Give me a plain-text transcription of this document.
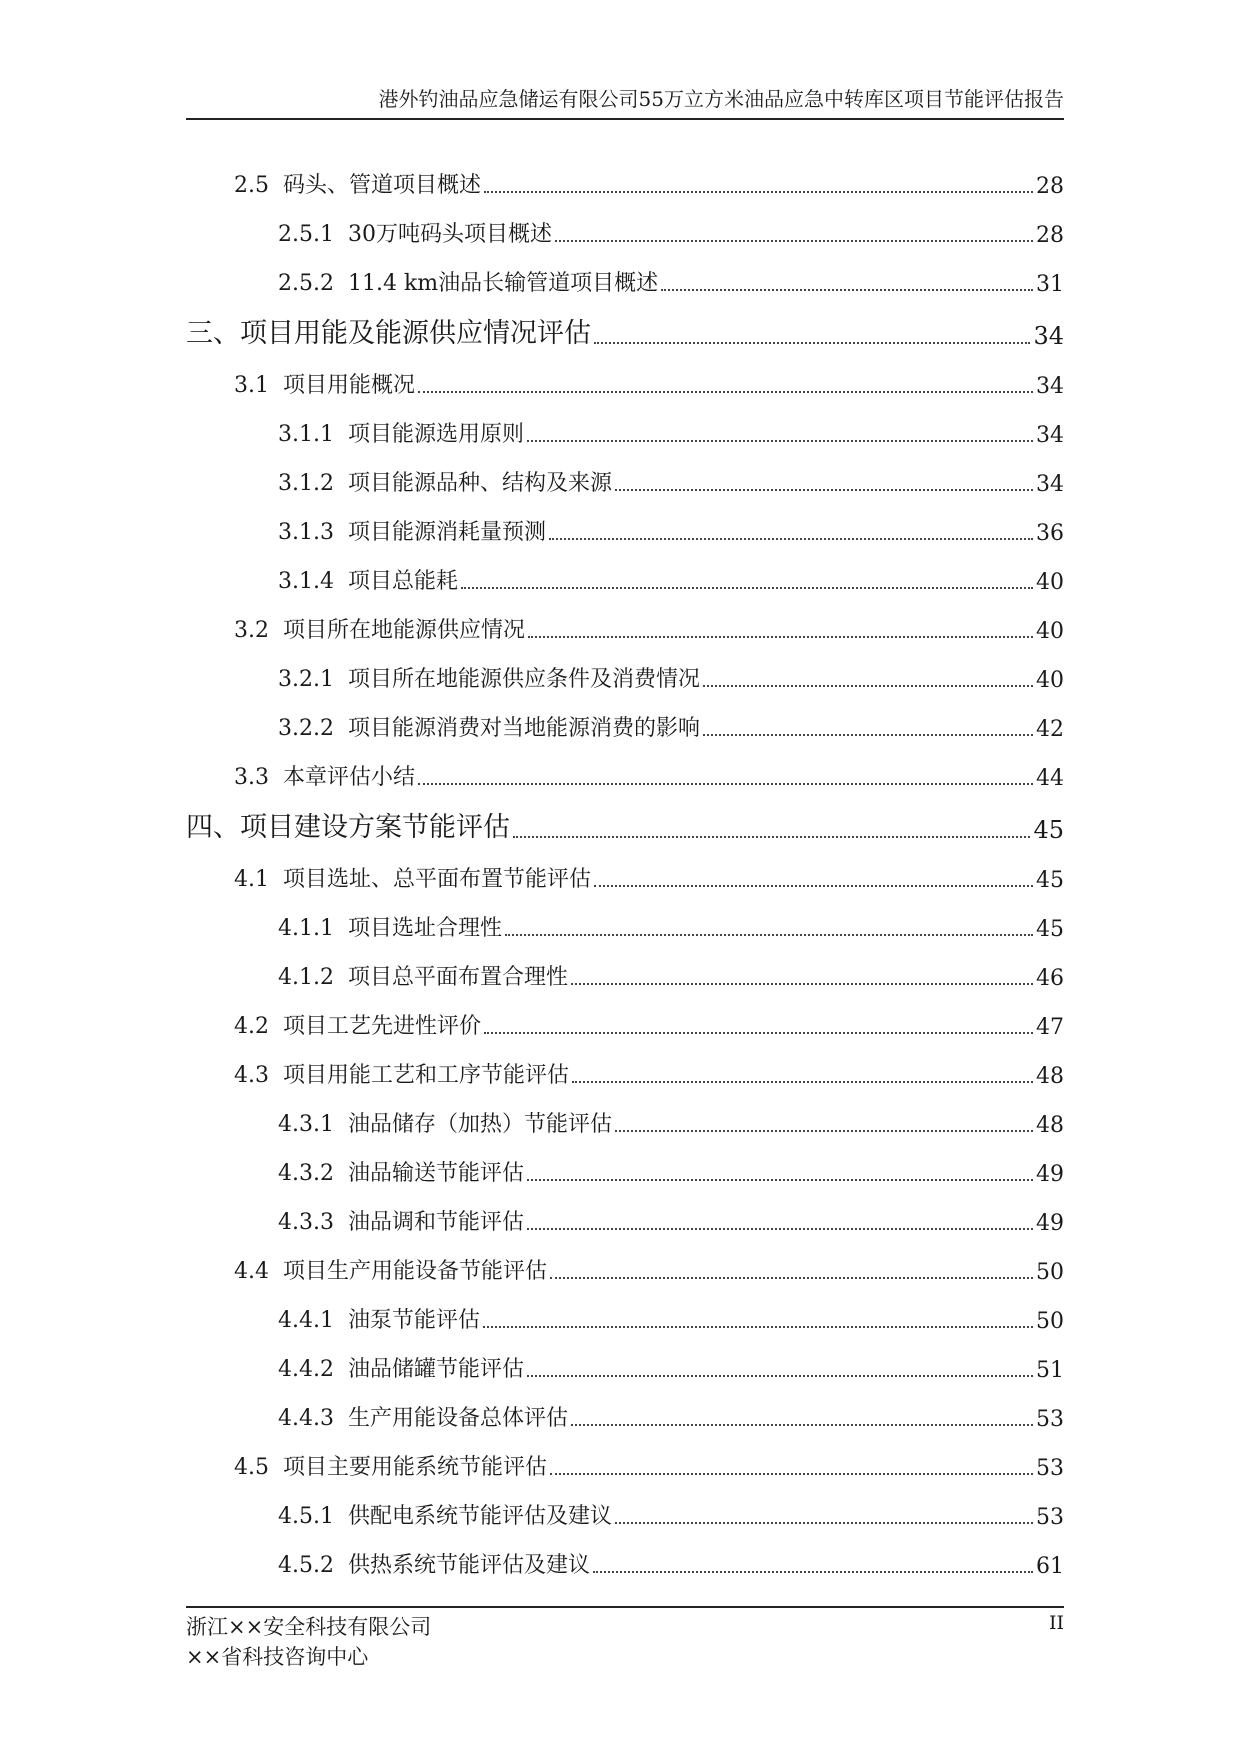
港外钓油品应急储运有限公司55万立方米油品应急中转库区项目节能评估报告
2.5 码头、管道项目概述	28
2.5.1 30万吨码头项目概述	28
2.5.2 11.4 km油品长输管道项目概述	31
三、项目用能及能源供应情况评估	34
3.1 项目用能概况	34
3.1.1 项目能源选用原则	34
3.1.2 项目能源品种、结构及来源	34
3.1.3 项目能源消耗量预测	36
3.1.4 项目总能耗	40
3.2 项目所在地能源供应情况	40
3.2.1 项目所在地能源供应条件及消费情况	40
3.2.2 项目能源消费对当地能源消费的影响	42
3.3 本章评估小结	44
四、项目建设方案节能评估	45
4.1 项目选址、总平面布置节能评估	45
4.1.1 项目选址合理性	45
4.1.2 项目总平面布置合理性	46
4.2 项目工艺先进性评价	47
4.3 项目用能工艺和工序节能评估	48
4.3.1 油品储存（加热）节能评估	48
4.3.2 油品输送节能评估	49
4.3.3 油品调和节能评估	49
4.4 项目生产用能设备节能评估	50
4.4.1 油泵节能评估	50
4.4.2 油品储罐节能评估	51
4.4.3 生产用能设备总体评估	53
4.5 项目主要用能系统节能评估	53
4.5.1 供配电系统节能评估及建议	53
4.5.2 供热系统节能评估及建议	61
浙江××安全科技有限公司
××省科技咨询中心
II
